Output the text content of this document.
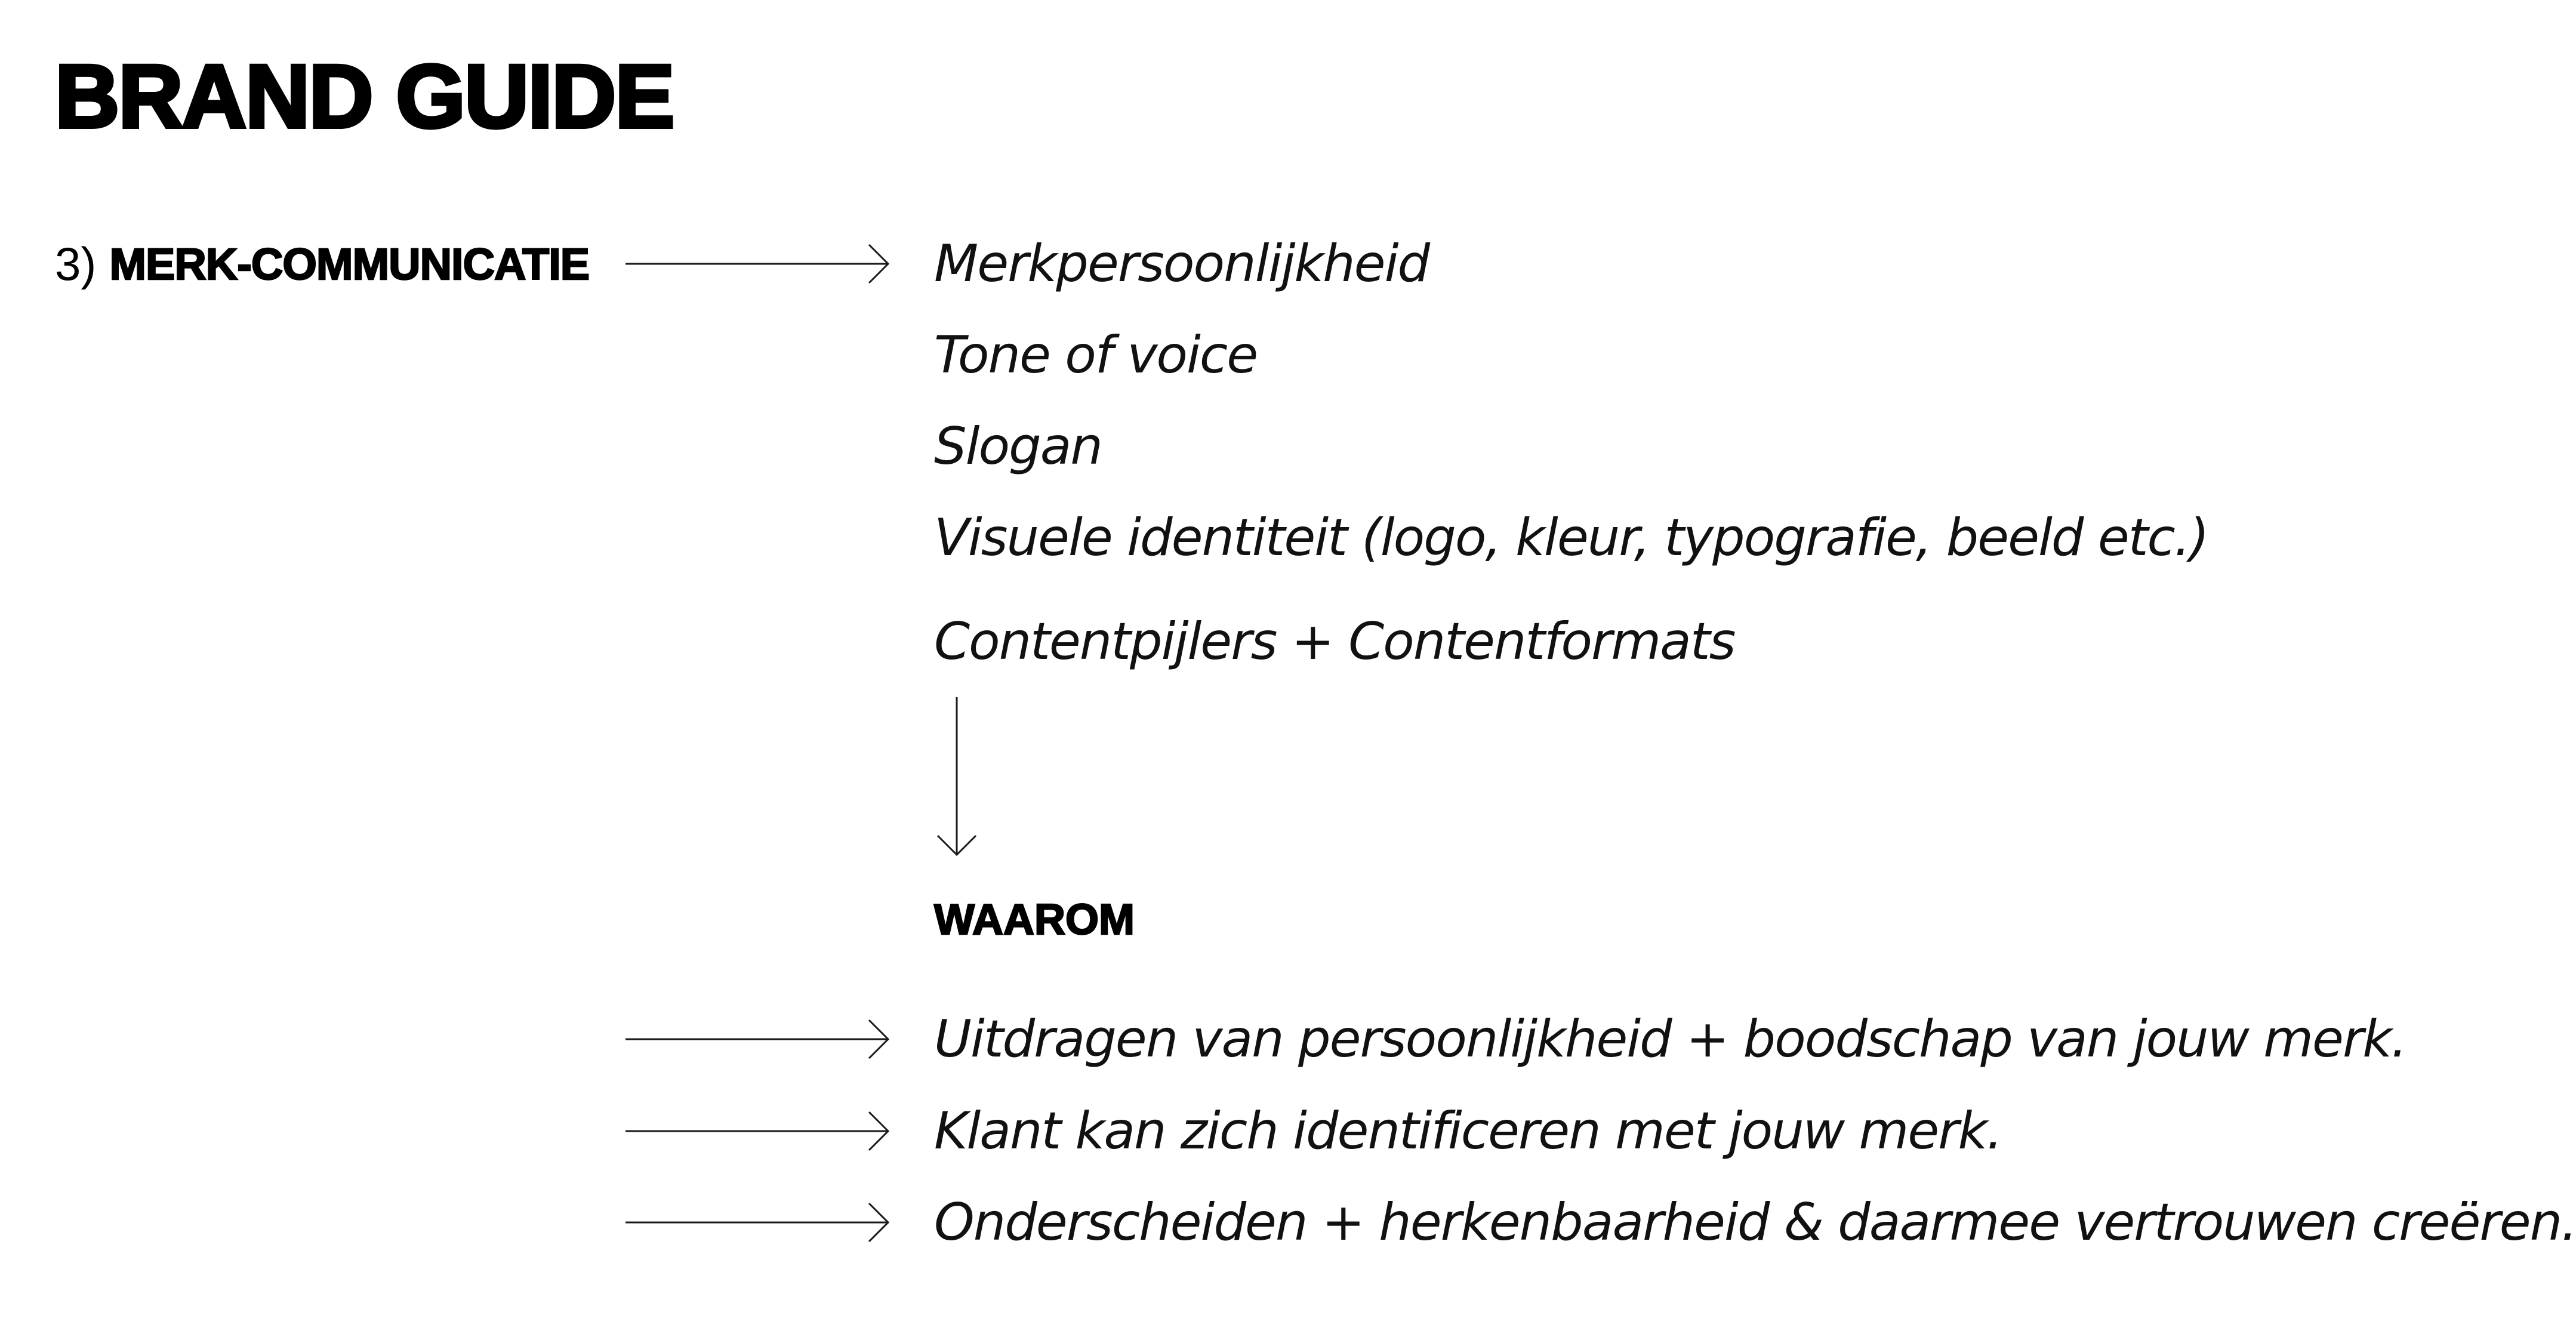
BRAND GUIDE
3) MERK-COMMUNICATIE	Merkpersoonlijkheid
Tone of voice
Slogan
Visuele identiteit (logo, kleur, typografie, beeld etc.)
Contentpijlers + Contentformats
WAAROM
Uitdragen van persoonlijkheid + boodschap van jouw merk.
Klant kan zich identificeren met jouw merk.
Onderscheiden + herkenbaarheid & daarmee vertrouwen creëren.
